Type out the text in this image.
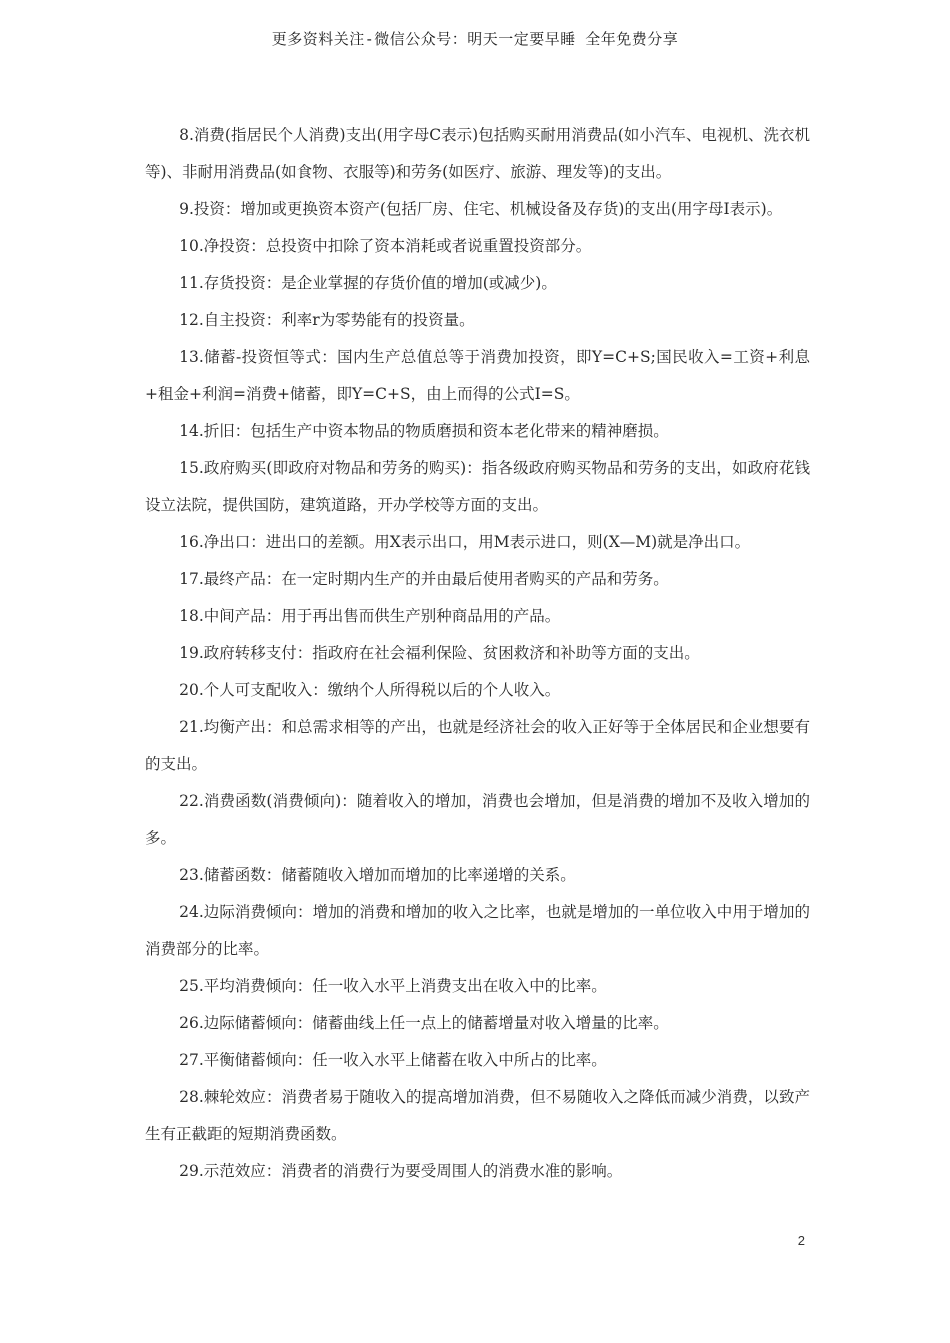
更多资料关注-微信公众号：明天一定要早睡 全年免费分享

8.消费(指居民个人消费)支出(用字母C表示)包括购买耐用消费品(如小汽车、电视机、洗衣机等)、非耐用消费品(如食物、衣服等)和劳务(如医疗、旅游、理发等)的支出。

9.投资：增加或更换资本资产(包括厂房、住宅、机械设备及存货)的支出(用字母I表示)。

10.净投资：总投资中扣除了资本消耗或者说重置投资部分。

11.存货投资：是企业掌握的存货价值的增加(或减少)。

12.自主投资：利率r为零势能有的投资量。

13.储蓄-投资恒等式：国内生产总值总等于消费加投资，即Y=C+S;国民收入=工资+利息+租金+利润=消费+储蓄，即Y=C+S，由上而得的公式I=S。

14.折旧：包括生产中资本物品的物质磨损和资本老化带来的精神磨损。

15.政府购买(即政府对物品和劳务的购买)：指各级政府购买物品和劳务的支出，如政府花钱设立法院，提供国防，建筑道路，开办学校等方面的支出。

16.净出口：进出口的差额。用X表示出口，用M表示进口，则(X—M)就是净出口。

17.最终产品：在一定时期内生产的并由最后使用者购买的产品和劳务。

18.中间产品：用于再出售而供生产别种商品用的产品。

19.政府转移支付：指政府在社会福利保险、贫困救济和补助等方面的支出。

20.个人可支配收入：缴纳个人所得税以后的个人收入。

21.均衡产出：和总需求相等的产出，也就是经济社会的收入正好等于全体居民和企业想要有的支出。

22.消费函数(消费倾向)：随着收入的增加，消费也会增加，但是消费的增加不及收入增加的多。

23.储蓄函数：储蓄随收入增加而增加的比率递增的关系。

24.边际消费倾向：增加的消费和增加的收入之比率，也就是增加的一单位收入中用于增加的消费部分的比率。

25.平均消费倾向：任一收入水平上消费支出在收入中的比率。

26.边际储蓄倾向：储蓄曲线上任一点上的储蓄增量对收入增量的比率。

27.平衡储蓄倾向：任一收入水平上储蓄在收入中所占的比率。

28.棘轮效应：消费者易于随收入的提高增加消费，但不易随收入之降低而减少消费，以致产生有正截距的短期消费函数。

29.示范效应：消费者的消费行为要受周围人的消费水准的影响。

2
